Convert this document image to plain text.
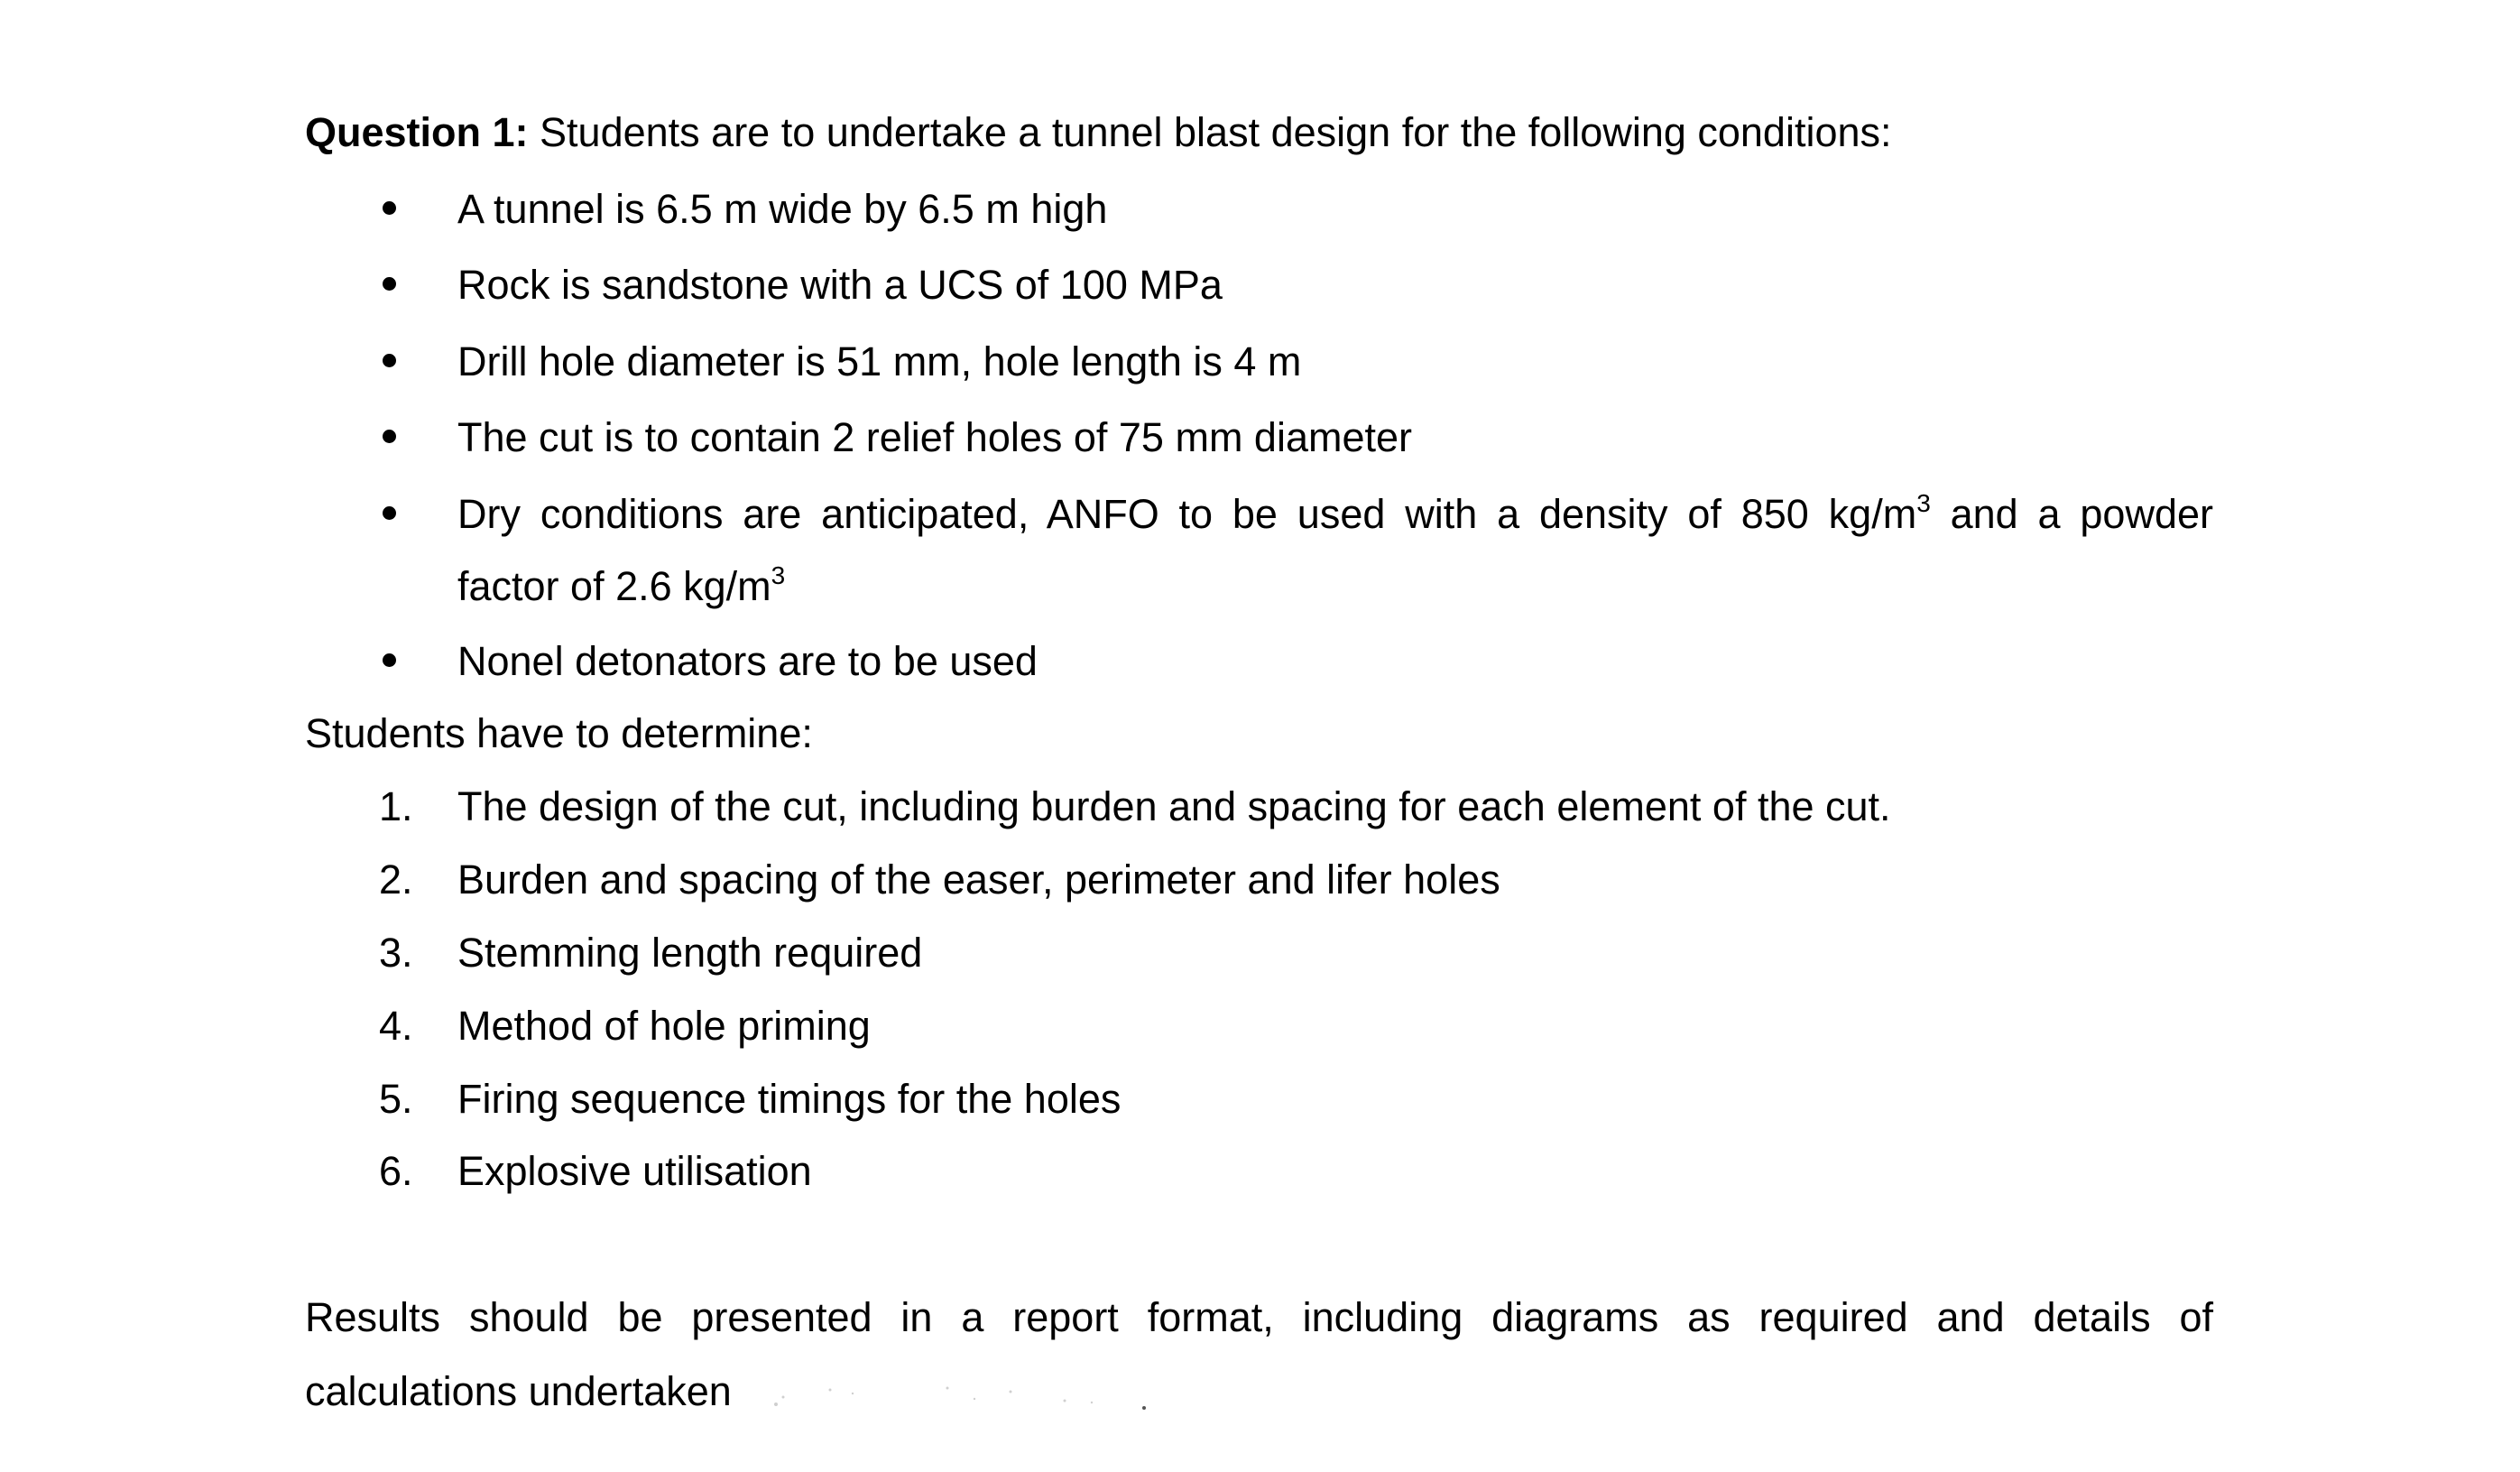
Question 1: Students are to undertake a tunnel blast design for the following conditions:
A tunnel is 6.5 m wide by 6.5 m high
Rock is sandstone with a UCS of 100 MPa
Drill hole diameter is 51 mm, hole length is 4 m
The cut is to contain 2 relief holes of 75 mm diameter
Dry conditions are anticipated, ANFO to be used with a density of 850 $kg/m^3$ and a powder
factor of 2.6 $kg/m^3$
Nonel detonators are to be used
Students have to determine:
1. The design of the cut, including burden and spacing for each element of the cut.
2. Burden and spacing of the easer, perimeter and lifer holes
3. Stemming length required
4. Method of hole priming
5. Firing sequence timings for the holes
6. Explosive utilisation
Results should be presented in a report format, including diagrams as required and details of
calculations undertaken
